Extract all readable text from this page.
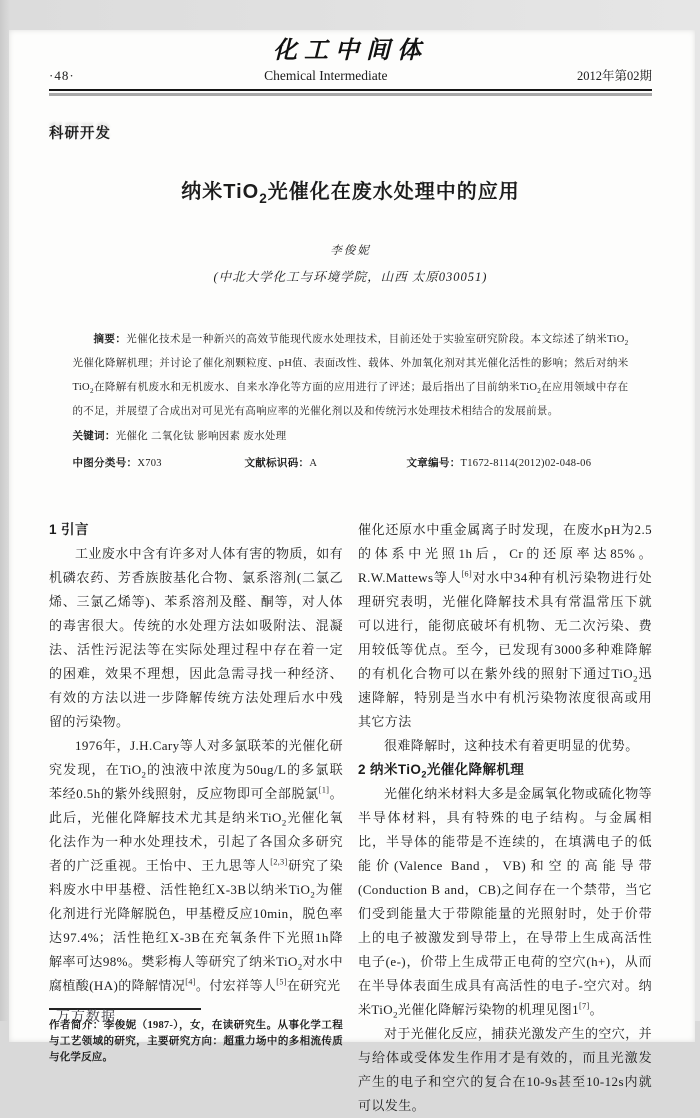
化工中间体
·48·	Chemical Intermediate	2012年第02期
科研开发
纳米TiO$_2$光催化在废水处理中的应用
李俊妮
(中北大学化工与环境学院，山西 太原030051)

摘要：光催化技术是一种新兴的高效节能现代废水处理技术，目前还处于实验室研究阶段。本文综述了纳米TiO$_2$光催化降解机理；并讨论了催化剂颗粒度、pH值、表面改性、载体、外加氧化剂对其光催化活性的影响；然后对纳米TiO$_2$在降解有机废水和无机废水、自来水净化等方面的应用进行了评述；最后指出了目前纳米TiO$_2$在应用领域中存在的不足，并展望了合成出对可见光有高响应率的光催化剂以及和传统污水处理技术相结合的发展前景。

关键词：光催化 二氧化钛 影响因素 废水处理

中图分类号：X703	文献标识码：A	文章编号：T1672-8114(2012)02-048-06
1 引言

工业废水中含有许多对人体有害的物质，如有机磷农药、芳香族胺基化合物、氯系溶剂(二氯乙烯、三氯乙烯等)、苯系溶剂及醛、酮等，对人体的毒害很大。传统的水处理方法如吸附法、混凝法、活性污泥法等在实际处理过程中存在着一定的困难，效果不理想，因此急需寻找一种经济、有效的方法以进一步降解传统方法处理后水中残留的污染物。

1976年，J.H.Cary等人对多氯联苯的光催化研究发现，在TiO$_2$的浊液中浓度为50ug/L的多氯联苯经0.5h的紫外线照射，反应物即可全部脱氯[1]。此后，光催化降解技术尤其是纳米TiO$_2$光催化氧化法作为一种水处理技术，引起了各国众多研究者的广泛重视。王怡中、王九思等人[2,3]研究了染料废水中甲基橙、活性艳红X-3B以纳米TiO$_2$为催化剂进行光降解脱色，甲基橙反应10min，脱色率达97.4%；活性艳红X-3B在充氧条件下光照1h降解率可达98%。樊彩梅人等研究了纳米TiO$_2$对水中腐植酸(HA)的降解情况[4]。付宏祥等人[5]在研究光

作者简介：李俊妮（1987-），女，在读研究生。从事化学工程与工艺领域的研究，主要研究方向：超重力场中的多相流传质与化学反应。

催化还原水中重金属离子时发现，在废水pH为2.5的体系中光照1h后，Cr的还原率达85%。R.W.Mattews等人[6]对水中34种有机污染物进行处理研究表明，光催化降解技术具有常温常压下就可以进行，能彻底破坏有机物、无二次污染、费用较低等优点。至今，已发现有3000多种难降解的有机化合物可以在紫外线的照射下通过TiO$_2$迅速降解，特别是当水中有机污染物浓度很高或用其它方法

很难降解时，这种技术有着更明显的优势。

2 纳米TiO$_2$光催化降解机理

光催化纳米材料大多是金属氧化物或硫化物等半导体材料，具有特殊的电子结构。与金属相比，半导体的能带是不连续的，在填满电子的低能价(Valence Band，VB)和空的高能导带(Conduction B and，CB)之间存在一个禁带，当它们受到能量大于带隙能量的光照射时，处于价带上的电子被激发到导带上，在导带上生成高活性电子(e-)，价带上生成带正电荷的空穴(h+)，从而在半导体表面生成具有高活性的电子-空穴对。纳米TiO$_2$光催化降解污染物的机理见图1[7]。

对于光催化反应，捕获光激发产生的空穴，并与给体或受体发生作用才是有效的，而且光激发产生的电子和空穴的复合在10-9s甚至10-12s内就可以发生。

万方数据
